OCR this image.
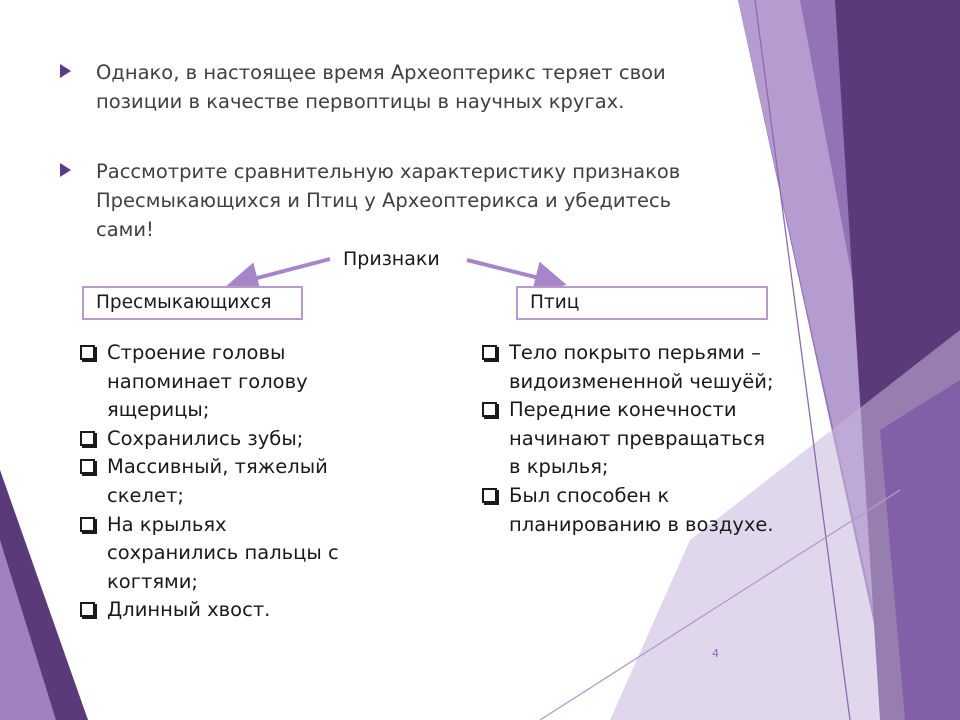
Однако, в настоящее время Археоптерикс теряет свои позиции в качестве первоптицы в научных кругах.
Рассмотрите сравнительную характеристику признаков Пресмыкающихся и Птиц у Археоптерикса и убедитесь сами!
Признаки
Пресмыкающихся	Птиц
Строение головы напоминает голову ящерицы;
Сохранились зубы;
Массивный, тяжелый скелет;
На крыльях сохранились пальцы с когтями;
Длинный хвост.
Тело покрыто перьями – видоизмененной чешуёй;
Передние конечности начинают превращаться в крылья;
Был способен к планированию в воздухе.
4
